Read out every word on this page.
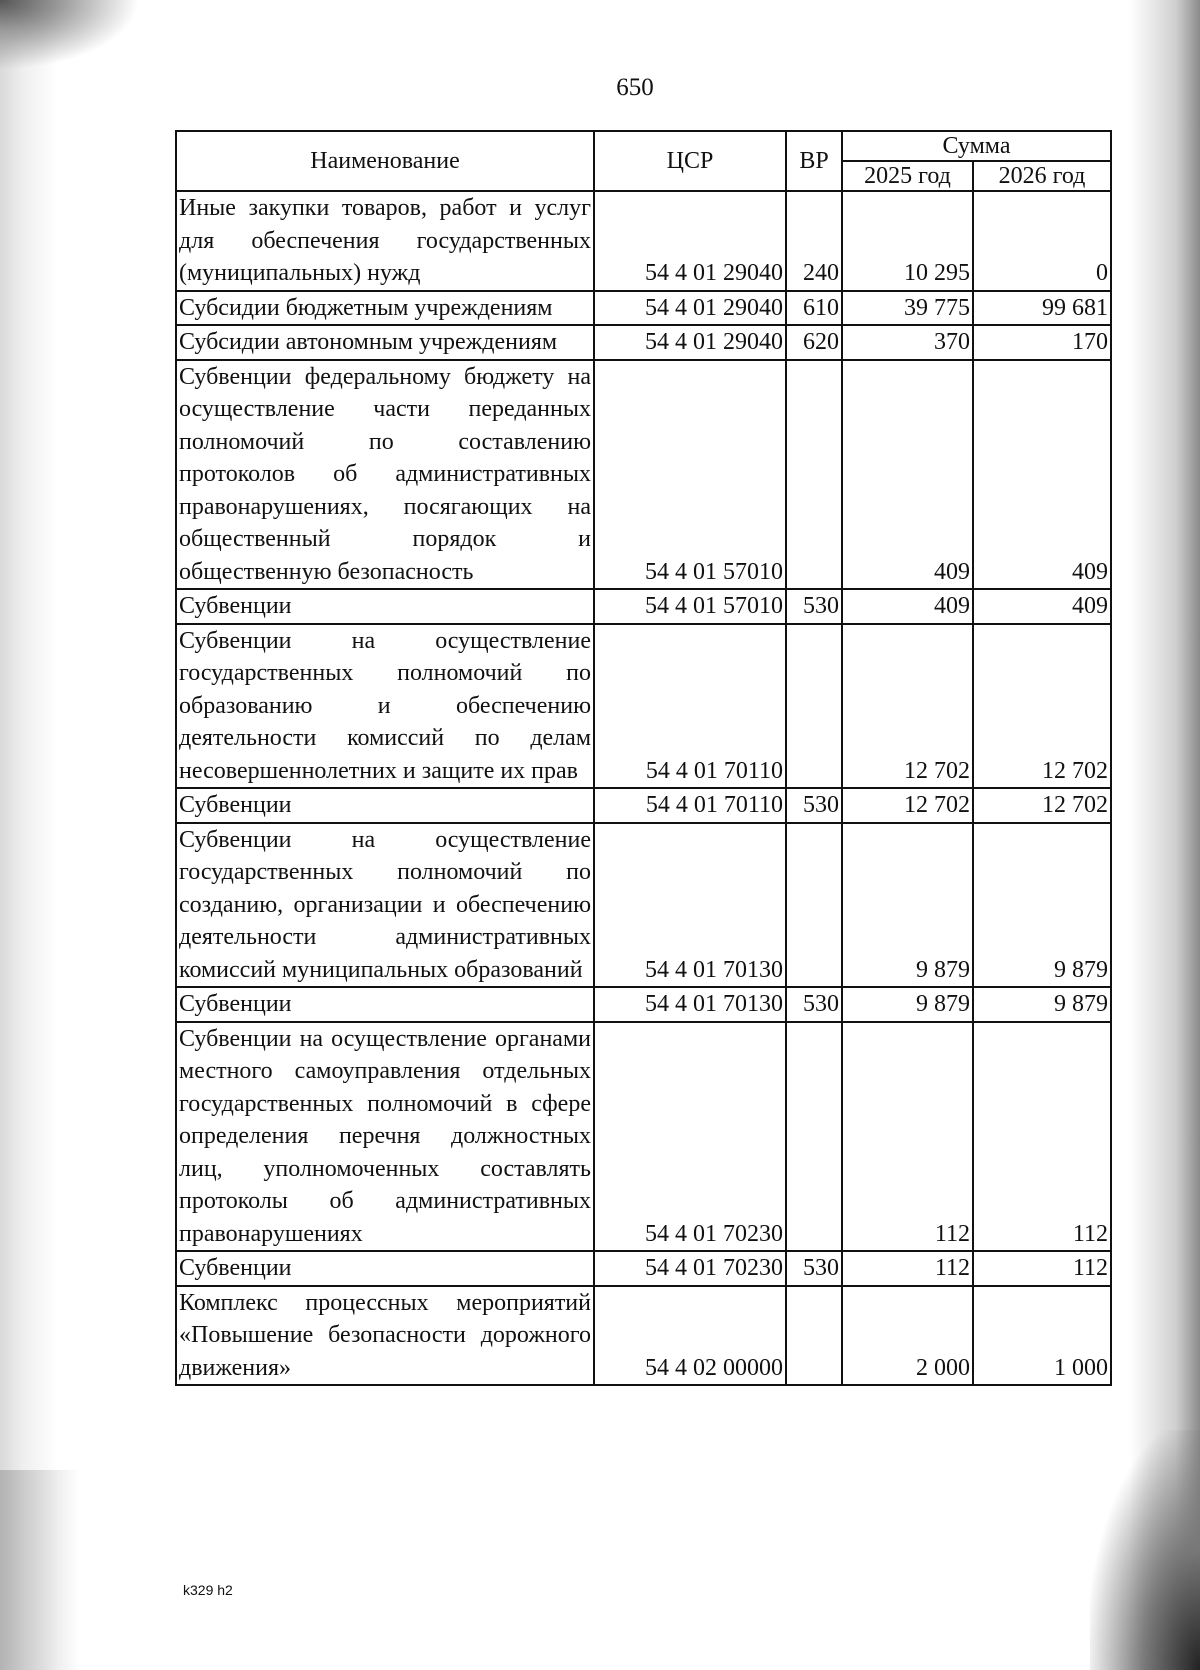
650
Наименование	ЦСР	ВР	Сумма	
			2025 год	2026 год
Иные закупки товаров, работ и услуг для обеспечения государственных (муниципальных) нужд	54 4 01 29040	240	10 295	0
Субсидии бюджетным учреждениям	54 4 01 29040	610	39 775	99 681
Субсидии автономным учреждениям	54 4 01 29040	620	370	170
Субвенции федеральному бюджету на осуществление части переданных полномочий по составлению протоколов об административных правонарушениях, посягающих на общественный порядок и общественную безопасность	54 4 01 57010		409	409
Субвенции	54 4 01 57010	530	409	409
Субвенции на осуществление государственных полномочий по образованию и обеспечению деятельности комиссий по делам несовершеннолетних и защите их прав	54 4 01 70110		12 702	12 702
Субвенции	54 4 01 70110	530	12 702	12 702
Субвенции на осуществление государственных полномочий по созданию, организации и обеспечению деятельности административных комиссий муниципальных образований	54 4 01 70130		9 879	9 879
Субвенции	54 4 01 70130	530	9 879	9 879
Субвенции на осуществление органами местного самоуправления отдельных государственных полномочий в сфере определения перечня должностных лиц, уполномоченных составлять протоколы об административных правонарушениях	54 4 01 70230		112	112
Субвенции	54 4 01 70230	530	112	112
Комплекс процессных мероприятий «Повышение безопасности дорожного движения»	54 4 02 00000		2 000	1 000
k329 h2
